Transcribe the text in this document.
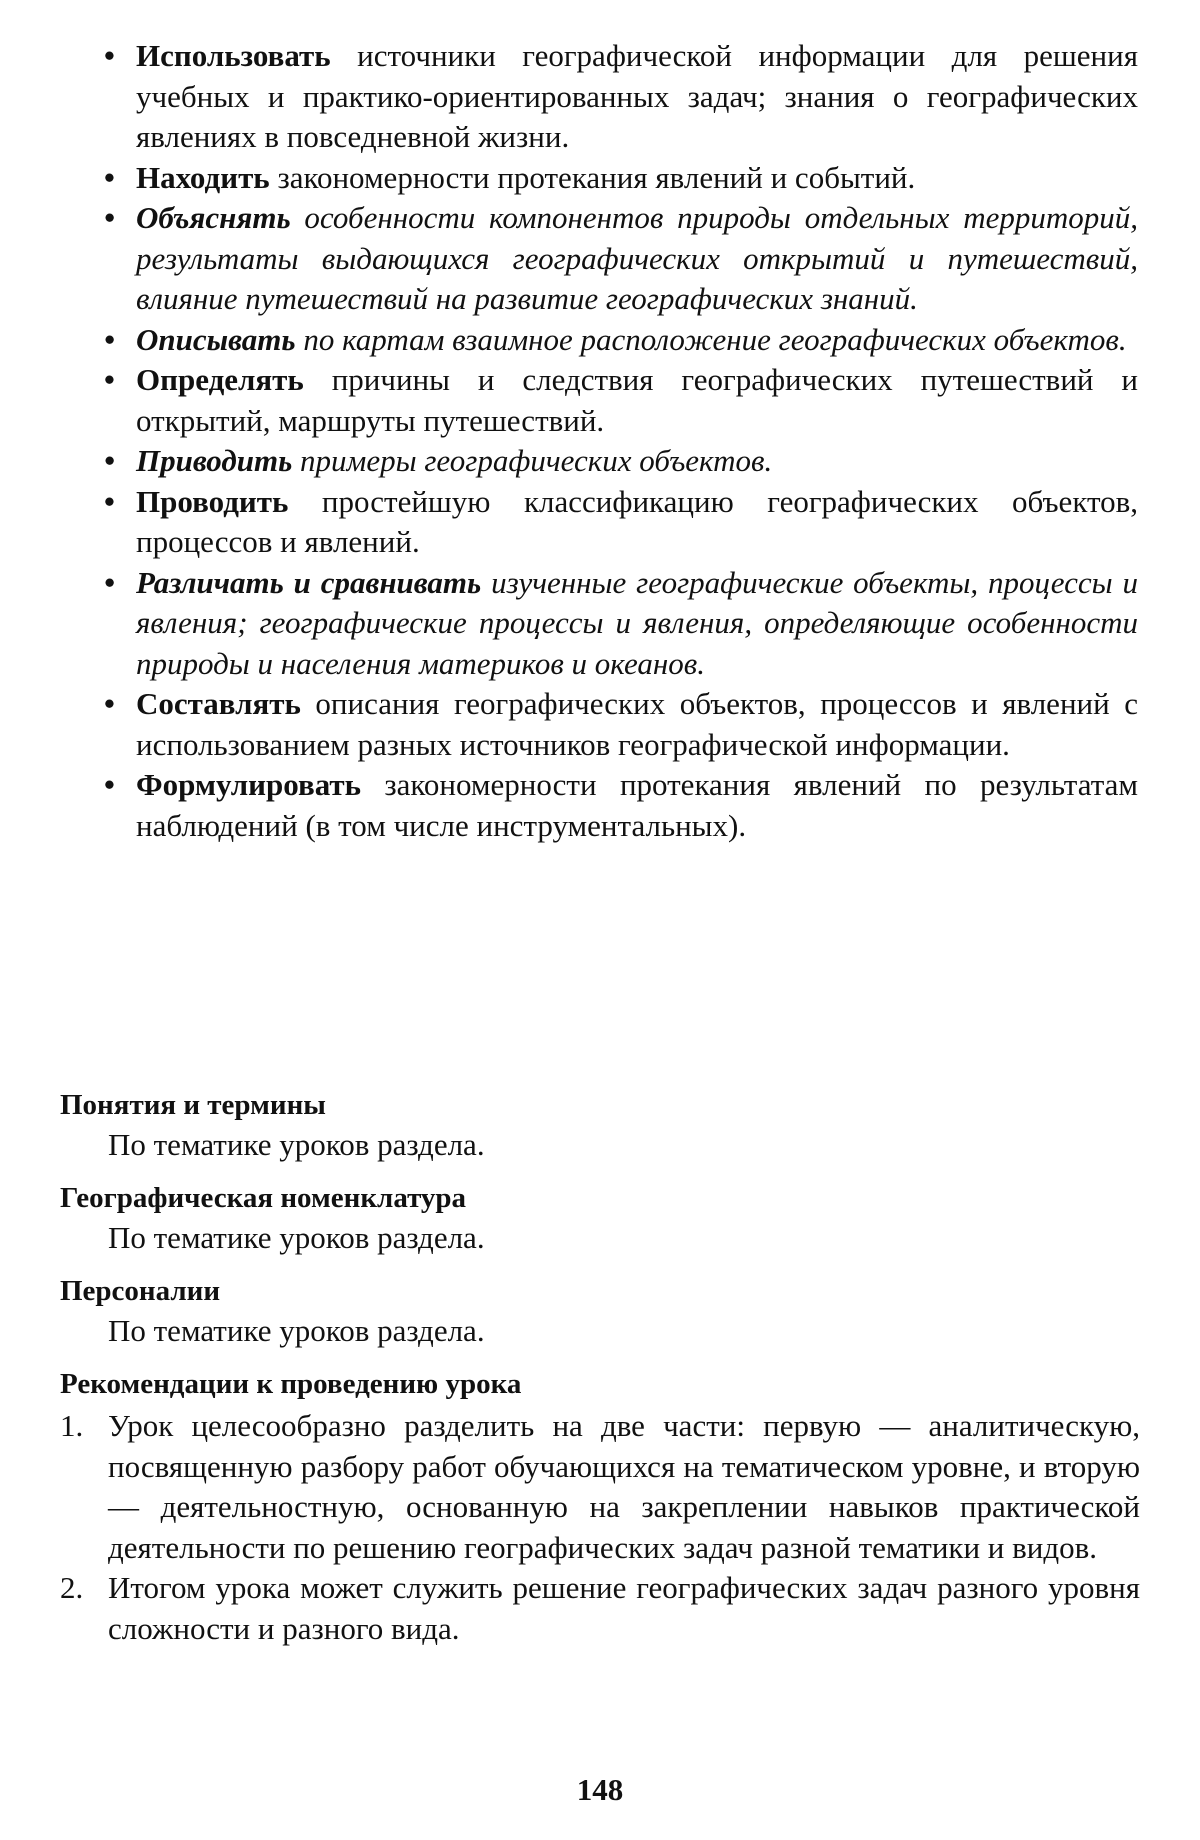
• Использовать источники географической информации для решения учебных и практико-ориентированных задач; знания о географических явлениях в повседневной жизни.
• Находить закономерности протекания явлений и событий.
• Объяснять особенности компонентов природы отдельных территорий, результаты выдающихся географических открытий и путешествий, влияние путешествий на развитие географических знаний.
• Описывать по картам взаимное расположение географических объектов.
• Определять причины и следствия географических путешествий и открытий, маршруты путешествий.
• Приводить примеры географических объектов.
• Проводить простейшую классификацию географических объектов, процессов и явлений.
• Различать и сравнивать изученные географические объекты, процессы и явления; географические процессы и явления, определяющие особенности природы и населения материков и океанов.
• Составлять описания географических объектов, процессов и явлений с использованием разных источников географической информации.
• Формулировать закономерности протекания явлений по результатам наблюдений (в том числе инструментальных).

Понятия и термины

По тематике уроков раздела.

Географическая номенклатура

По тематике уроков раздела.

Персоналии

По тематике уроков раздела.

Рекомендации к проведению урока

1. Урок целесообразно разделить на две части: первую — аналитическую, посвященную разбору работ обучающихся на тематическом уровне, и вторую — деятельностную, основанную на закреплении навыков практической деятельности по решению географических задач разной тематики и видов.
2. Итогом урока может служить решение географических задач разного уровня сложности и разного вида.
148
